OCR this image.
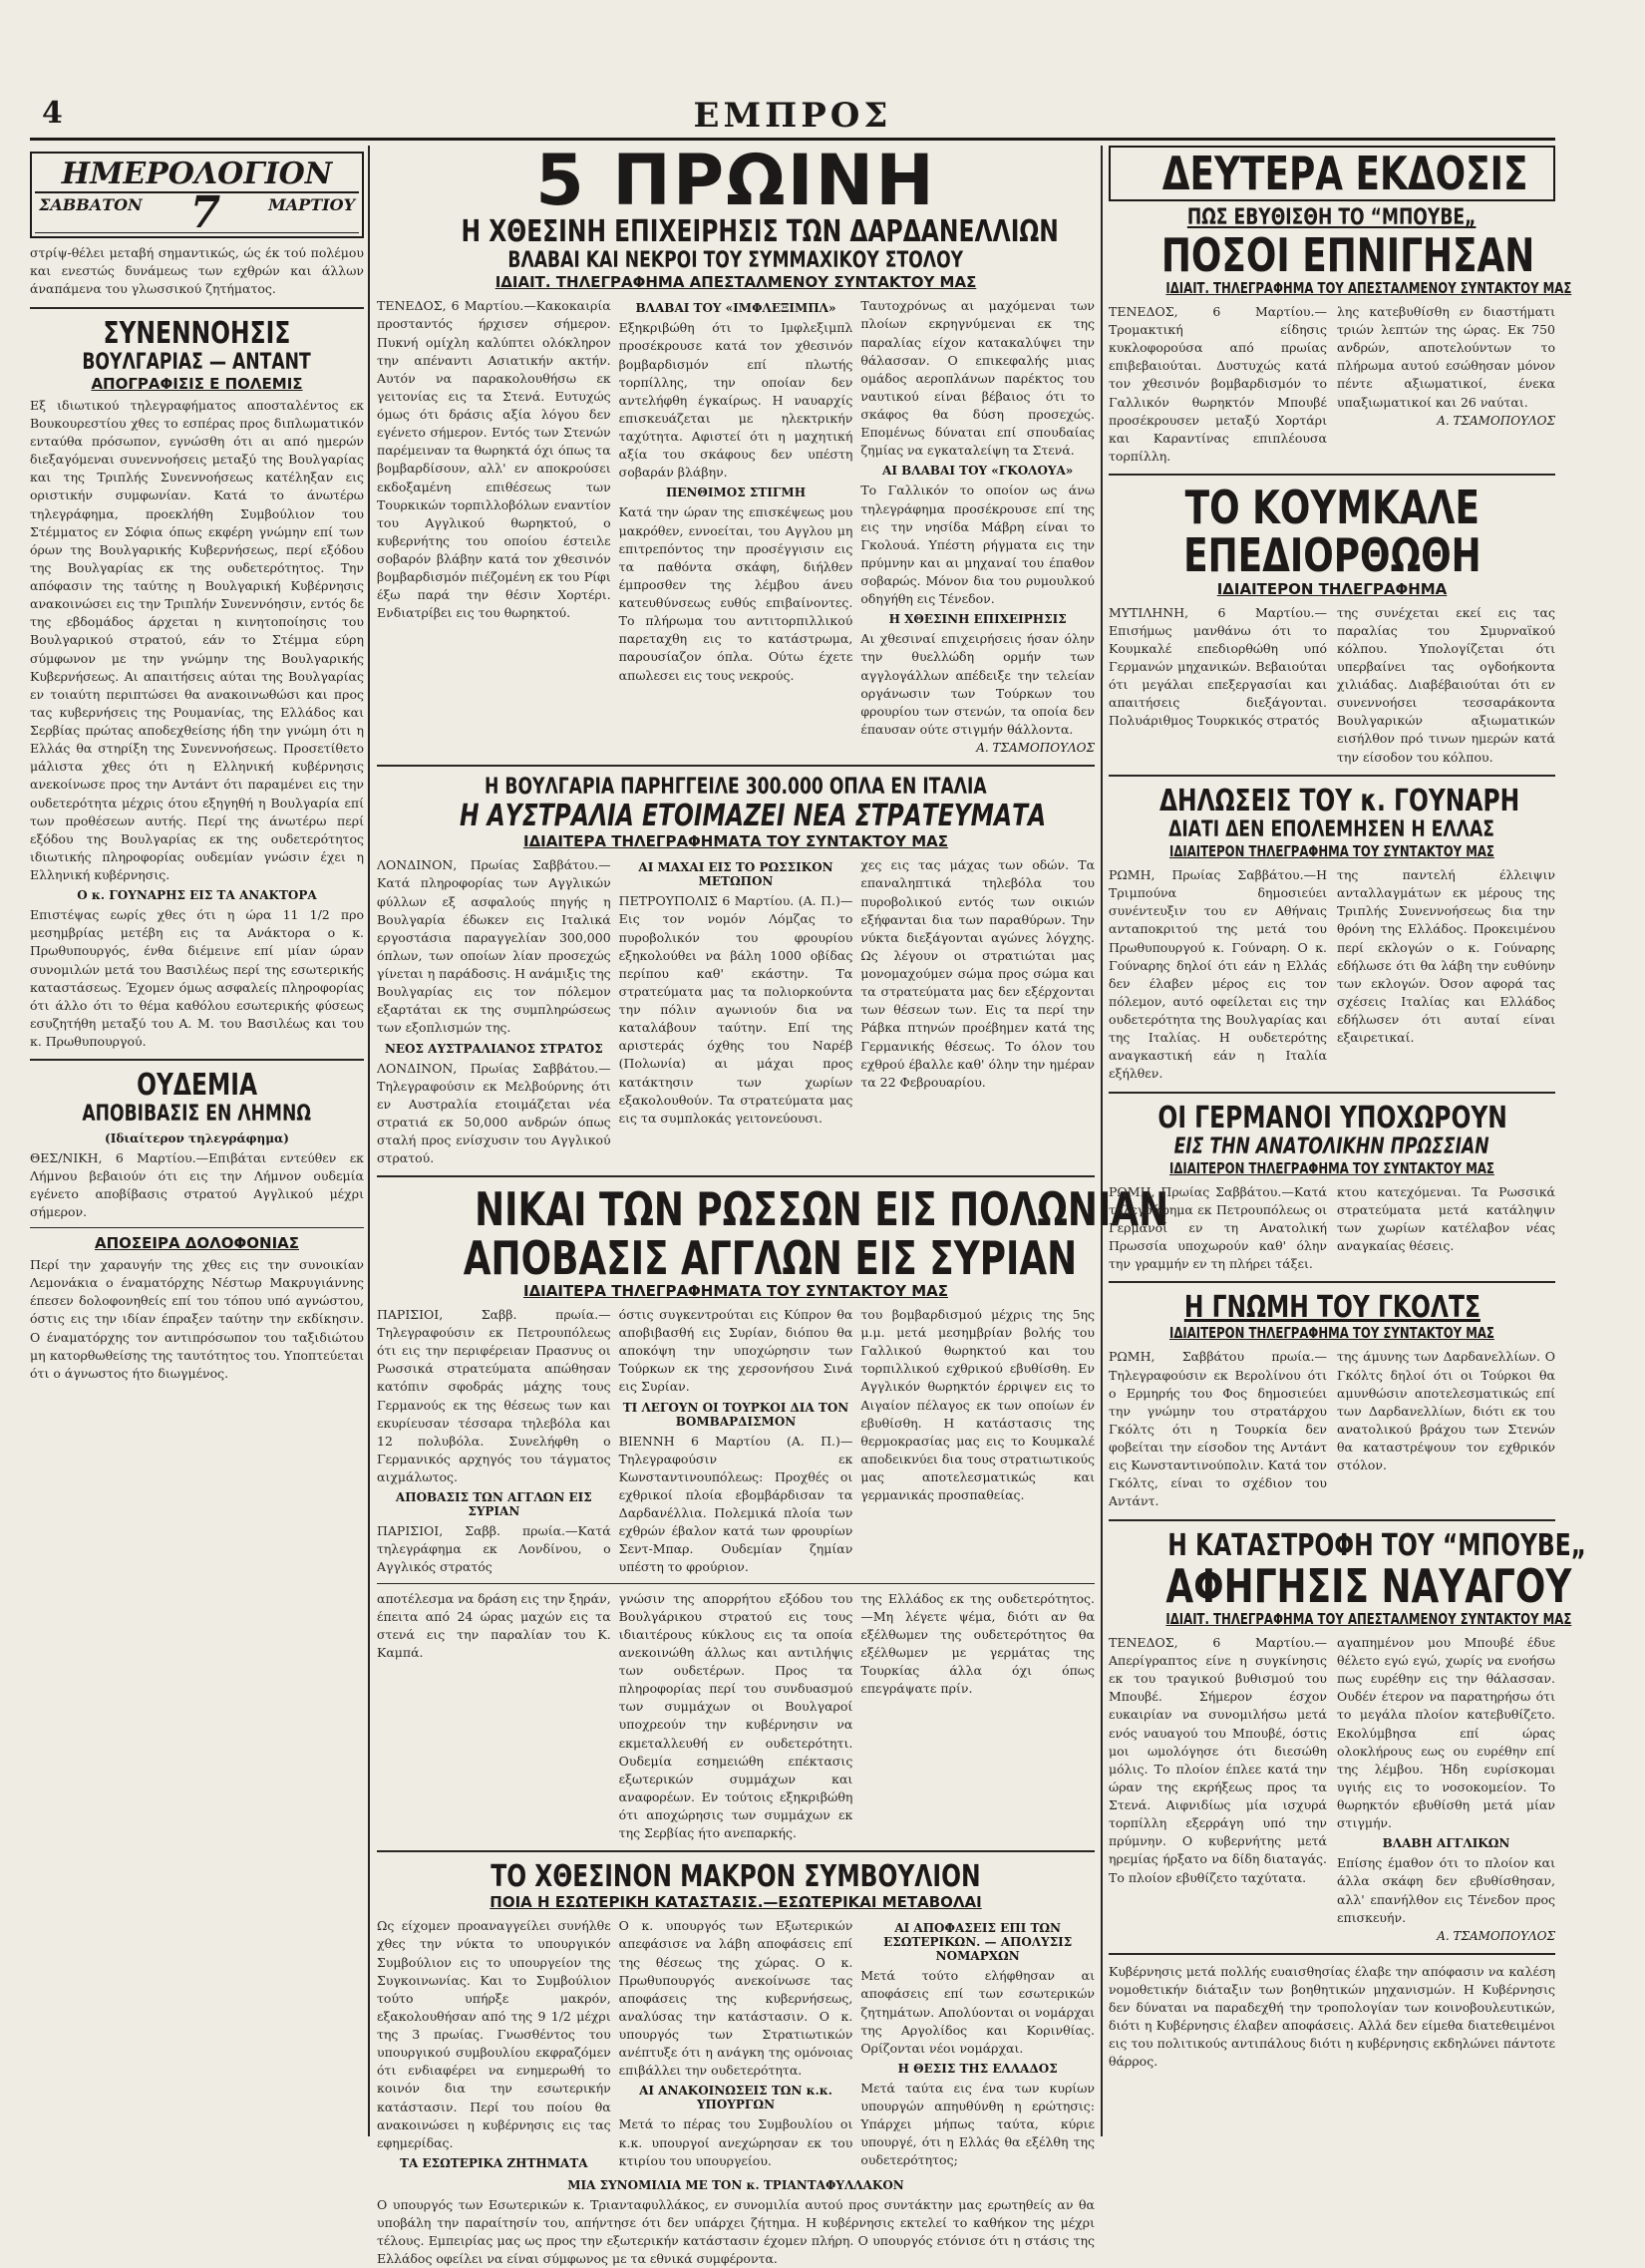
4	ΕΜΠΡΟΣ
ΗΜΕΡΟΛΟΓΙΟΝ
ΣΑΒΒΑΤΟΝ 7	ΜΑΡΤΙΟΥ
στρίψ-θέλει μεταβή σημαντικώς, ώς έκ τού πολέμου και ενεστώς δυνάμεως των εχθρών και άλλων άναπάμενα του γλωσσικού ζητήματος.
ΣΥΝΕΝΝΟΗΣΙΣ
ΒΟΥΛΓΑΡΙΑΣ — ΑΝΤΑΝΤ
ΑΠΟΓΡΑΦΙΣΙΣ Ε ΠΟΛΕΜΙΣ
Εξ ιδιωτικού τηλεγραφήματος αποσταλέντος εκ Βουκουρεστίου χθες το εσπέρας προς διπλωματικόν ενταύθα πρόσωπον, εγνώσθη ότι αι από ημερών διεξαγόμεναι συνεννοήσεις μεταξύ της Βουλγαρίας και της Τριπλής Συνεννοήσεως κατέληξαν εις οριστικήν συμφωνίαν. Κατά το άνωτέρω τηλεγράφημα, προεκλήθη Συμβούλιον του Στέμματος εν Σόφια όπως εκφέρη γνώμην επί των όρων της Βουλγαρικής Κυβερνήσεως, περί εξόδου της Βουλγαρίας εκ της ουδετερότητος. Την απόφασιν της ταύτης η Βουλγαρική Κυβέρνησις ανακοινώσει εις την Τριπλήν Συνεννόησιν, εντός δε της εβδομάδος άρχεται η κινητοποίησις του Βουλγαρικού στρατού, εάν το Στέμμα εύρη σύμφωνον με την γνώμην της Βουλγαρικής Κυβερνήσεως. Αι απαιτήσεις αύται της Βουλγαρίας εν τοιαύτη περιπτώσει θα ανακοινωθώσι και προς τας κυβερνήσεις της Ρουμανίας, της Ελλάδος και Σερβίας πρώτας αποδεχθείσης ήδη την γνώμη ότι η Ελλάς θα στηρίξη της Συνεννοήσεως. Προσετίθετο μάλιστα χθες ότι η Ελληνική κυβέρνησις ανεκοίνωσε προς την Αντάντ ότι παραμένει εις την ουδετερότητα μέχρις ότου εξηγηθή η Βουλγαρία επί των προθέσεων αυτής. Περί της άνωτέρω περί εξόδου της Βουλγαρίας εκ της ουδετερότητος ιδιωτικής πληροφορίας ουδεμίαν γνώσιν έχει η Ελληνική κυβέρνησις.
Ο κ. ΓΟΥΝΑΡΗΣ ΕΙΣ ΤΑ ΑΝΑΚΤΟΡΑ
Επιστέψας εωρίς χθες ότι η ώρα 11 1/2 προ μεσημβρίας μετέβη εις τα Ανάκτορα ο κ. Πρωθυπουργός, ένθα διέμεινε επί μίαν ώραν συνομιλών μετά του Βασιλέως περί της εσωτερικής καταστάσεως. Έχομεν όμως ασφαλείς πληροφορίας ότι άλλο ότι το θέμα καθόλου εσωτερικής φύσεως εσυζητήθη μεταξύ του Α. Μ. του Βασιλέως και του κ. Πρωθυπουργού.
ΟΥΔΕΜΙΑ
ΑΠΟΒΙΒΑΣΙΣ ΕΝ ΛΗΜΝΩ
(Ιδιαίτερον τηλεγράφημα)
ΘΕΣ/ΝΙΚΗ, 6 Μαρτίου.—Επιβάται εντεύθεν εκ Λήμνου βεβαιούν ότι εις την Λήμνον ουδεμία εγένετο αποβίβασις στρατού Αγγλικού μέχρι σήμερον.
ΑΠΟΣΕΙΡΑ ΔΟΛΟΦΟΝΙΑΣ
Περί την χαραυγήν της χθες εις την συνοικίαν Λεμονάκια ο έναματόρχης Νέστωρ Μακρυγιάννης έπεσεν δολοφονηθείς επί του τόπου υπό αγνώστου, όστις εις την ιδίαν έπραξεν ταύτην την εκδίκησιν. Ο έναματόρχης τον αντιπρόσωπον του ταξιδιώτου μη κατορθωθείσης της ταυτότητος του. Υποπτεύεται ότι ο άγνωστος ήτο διωγμένος.
5 ΠΡΩΙΝΗ
Η ΧΘΕΣΙΝΗ ΕΠΙΧΕΙΡΗΣΙΣ ΤΩΝ ΔΑΡΔΑΝΕΛΛΙΩΝ
ΒΛΑΒΑΙ ΚΑΙ ΝΕΚΡΟΙ ΤΟΥ ΣΥΜΜΑΧΙΚΟΥ ΣΤΟΛΟΥ
ΙΔΙΑΙΤ. ΤΗΛΕΓΡΑΦΗΜΑ ΑΠΕΣΤΑΛΜΕΝΟΥ ΣΥΝΤΑΚΤΟΥ ΜΑΣ
ΤΕΝΕΔΟΣ, 6 Μαρτίου.—Κακοκαιρία προσταντός ήρχισεν σήμερον. Πυκνή ομίχλη καλύπτει ολόκληρον την απέναντι Ασιατικήν ακτήν. Αυτόν να παρακολουθήσω εκ γειτονίας εις τα Στενά. Ευτυχώς όμως ότι δράσις αξία λόγου δεν εγένετο σήμερον. Εντός των Στενών παρέμειναν τα θωρηκτά όχι όπως τα βομβαρδίσουν, αλλ' εν αποκρούσει εκδοξαμένη επιθέσεως των Τουρκικών τορπιλλοβόλων εναντίον του Αγγλικού θωρηκτού, ο κυβερνήτης του οποίου έστειλε σοβαρόν βλάβην κατά τον χθεσινόν βομβαρδισμόν πιέζομένη εκ του Ρίφι έξω παρά την θέσιν Χορτέρι. Ενδιατρίβει εις του θωρηκτού.
ΒΛΑΒΑΙ ΤΟΥ «ΙΜΦΛΕΞΙΜΠΛ»
Εξηκριβώθη ότι το Ιμφλεξιμπλ προσέκρουσε κατά τον χθεσινόν βομβαρδισμόν επί πλωτής τορπίλλης, την οποίαν δεν αντελήφθη έγκαίρως. Η ναυαρχίς επισκευάζεται με ηλεκτρικήν ταχύτητα. Αφιστεί ότι η μαχητική αξία του σκάφους δεν υπέστη σοβαράν βλάβην.
ΠΕΝΘΙΜΟΣ ΣΤΙΓΜΗ
Κατά την ώραν της επισκέψεως μου μακρόθεν, εννοείται, του Αγγλου μη επιτρεπόντος την προσέγγισιν εις τα παθόντα σκάφη, διήλθεν έμπροσθεν της λέμβου άνευ κατευθύνσεως ευθύς επιβαίνοντες. Το πλήρωμα του αντιτορπιλλικού παρεταχθη εις το κατάστρωμα, παρουσίαζον όπλα. Ούτω έχετε απωλεσει εις τους νεκρούς.
Ταυτοχρόνως αι μαχόμεναι των πλοίων εκρηγνύμεναι εκ της παραλίας είχον κατακαλύψει την θάλασσαν. Ο επικεφαλής μιας ομάδος αεροπλάνων παρέκτος του ναυτικού είναι βέβαιος ότι το σκάφος θα δύση προσεχώς. Επομένως δύναται επί σπουδαίας ζημίας να εγκαταλείψη τα Στενά.
ΑΙ ΒΛΑΒΑΙ ΤΟΥ «ΓΚΟΛΟΥΑ»
Το Γαλλικόν το οποίον ως άνω τηλεγράφημα προσέκρουσε επί της εις την νησίδα Μάβρη είναι το Γκολουά. Υπέστη ρήγματα εις την πρύμνην και αι μηχαναί του έπαθον σοβαρώς. Μόνον δια του ρυμουλκού οδηγήθη εις Τένεδον.
Η ΧΘΕΣΙΝΗ ΕΠΙΧΕΙΡΗΣΙΣ
Αι χθεσιναί επιχειρήσεις ήσαν όλην την θυελλώδη ορμήν των αγγλογάλλων απέδειξε την τελείαν οργάνωσιν των Τούρκων του φρουρίου των στενών, τα οποία δεν έπαυσαν ούτε στιγμήν θάλλοντα.
Α. ΤΣΑΜΟΠΟΥΛΟΣ
Η ΒΟΥΛΓΑΡΙΑ ΠΑΡΗΓΓΕΙΛΕ 300.000 ΟΠΛΑ ΕΝ ΙΤΑΛΙΑ
Η ΑΥΣΤΡΑΛΙΑ ΕΤΟΙΜΑΖΕΙ ΝΕΑ ΣΤΡΑΤΕΥΜΑΤΑ
ΙΔΙΑΙΤΕΡΑ ΤΗΛΕΓΡΑΦΗΜΑΤΑ ΤΟΥ ΣΥΝΤΑΚΤΟΥ ΜΑΣ
ΛΟΝΔΙΝΟΝ, Πρωίας Σαββάτου.—Κατά πληροφορίας των Αγγλικών φύλλων εξ ασφαλούς πηγής η Βουλγαρία έδωκεν εις Ιταλικά εργοστάσια παραγγελίαν 300,000 όπλων, των οποίων λίαν προσεχώς γίνεται η παράδοσις. Η ανάμιξις της Βουλγαρίας εις τον πόλεμον εξαρτάται εκ της συμπληρώσεως των εξοπλισμών της.
ΝΕΟΣ ΑΥΣΤΡΑΛΙΑΝΟΣ ΣΤΡΑΤΟΣ
ΛΟΝΔΙΝΟΝ, Πρωίας Σαββάτου.—Τηλεγραφούσιν εκ Μελβούρνης ότι εν Αυστραλία ετοιμάζεται νέα στρατιά εκ 50,000 ανδρών όπως σταλή προς ενίσχυσιν του Αγγλικού στρατού.
ΑΙ ΜΑΧΑΙ ΕΙΣ ΤΟ ΡΩΣΣΙΚΟΝ ΜΕΤΩΠΟΝ
ΠΕΤΡΟΥΠΟΛΙΣ 6 Μαρτίου. (Α. Π.)—Εις τον νομόν Λόμζας το πυροβολικόν του φρουρίου εξηκολούθει να βάλη 1000 οβίδας περίπου καθ' εκάστην. Τα στρατεύματα μας τα πολιορκούντα την πόλιν αγωνιούν δια να καταλάβουν ταύτην. Επί της αριστεράς όχθης του Ναρέβ (Πολωνία) αι μάχαι προς κατάκτησιν των χωρίων εξακολουθούν. Τα στρατεύματα μας εις τα συμπλοκάς γειτονεύουσι.
χες εις τας μάχας των οδών. Τα επαναληπτικά τηλεβόλα του πυροβολικού εντός των οικιών εξήφανται δια των παραθύρων. Την νύκτα διεξάγονται αγώνες λόγχης. Ως λέγουν οι στρατιώται μας μονομαχούμεν σώμα προς σώμα και τα στρατεύματα μας δεν εξέρχονται των θέσεων των. Εις τα περί την Ράβκα πτηνών προέβημεν κατά της Γερμανικής θέσεως. Το όλον του εχθρού έβαλλε καθ' όλην την ημέραν τα 22 Φεβρουαρίου.
ΝΙΚΑΙ ΤΩΝ ΡΩΣΣΩΝ ΕΙΣ ΠΟΛΩΝΙΑΝ
ΑΠΟΒΑΣΙΣ ΑΓΓΛΩΝ ΕΙΣ ΣΥΡΙΑΝ
ΙΔΙΑΙΤΕΡΑ ΤΗΛΕΓΡΑΦΗΜΑΤΑ ΤΟΥ ΣΥΝΤΑΚΤΟΥ ΜΑΣ
ΠΑΡΙΣΙΟΙ, Σαββ. πρωία.—Τηλεγραφούσιν εκ Πετρουπόλεως ότι εις την περιφέρειαν Πρασνυς οι Ρωσσικά στρατεύματα απώθησαν κατόπιν σφοδράς μάχης τους Γερμανούς εκ της θέσεως των και εκυρίευσαν τέσσαρα τηλεβόλα και 12 πολυβόλα. Συνελήφθη ο Γερμανικός αρχηγός του τάγματος αιχμάλωτος.
ΑΠΟΒΑΣΙΣ ΤΩΝ ΑΓΓΛΩΝ ΕΙΣ ΣΥΡΙΑΝ
ΠΑΡΙΣΙΟΙ, Σαββ. πρωία.—Κατά τηλεγράφημα εκ Λονδίνου, ο Αγγλικός στρατός
όστις συγκεντρούται εις Κύπρον θα αποβιβασθή εις Συρίαν, διόπου θα αποκόψη την υποχώρησιν των Τούρκων εκ της χερσονήσου Σινά εις Συρίαν.
ΤΙ ΛΕΓΟΥΝ ΟΙ ΤΟΥΡΚΟΙ ΔΙΑ ΤΟΝ ΒΟΜΒΑΡΔΙΣΜΟΝ
ΒΙΕΝΝΗ 6 Μαρτίου (Α. Π.)—Τηλεγραφούσιν εκ Κωνσταντινουπόλεως: Προχθές οι εχθρικοί πλοία εβομβάρδισαν τα Δαρδανέλλια. Πολεμικά πλοία των εχθρών έβαλον κατά των φρουρίων Σεντ-Μπαρ. Ουδεμίαν ζημίαν υπέστη το φρούριον.
του βομβαρδισμού μέχρις της 5ης μ.μ. μετά μεσημβρίαν βολής του Γαλλικού θωρηκτού και του τορπιλλικού εχθρικού εβυθίσθη. Εν Αγγλικόν θωρηκτόν έρριψεν εις το Αιγαίον πέλαγος εκ των οποίων έν εβυθίσθη. Η κατάστασις της θερμοκρασίας μας εις το Κουμκαλέ αποδεικνύει δια τους στρατιωτικούς μας αποτελεσματικώς και γερμανικάς προσπαθείας.
αποτέλεσμα να δράση εις την ξηράν, έπειτα από 24 ώρας μαχών εις τα στενά εις την παραλίαν του Κ. Καμπά.
γνώσιν της απορρήτου εξόδου του Βουλγάρικου στρατού εις τους ιδιαιτέρους κύκλους εις τα οποία ανεκοινώθη άλλως και αντιλήψις των ουδετέρων. Προς τα πληροφορίας περί του συνδυασμού των συμμάχων οι Βουλγαροί υποχρεούν την κυβέρνησιν να εκμεταλλευθή εν ουδετερότητι. Ουδεμία εσημειώθη επέκτασις εξωτερικών συμμάχων και αναφορέων. Εν τούτοις εξηκριβώθη ότι αποχώρησις των συμμάχων εκ της Σερβίας ήτο ανεπαρκής.
της Ελλάδος εκ της ουδετερότητος.—Μη λέγετε ψέμα, διότι αν θα εξέλθωμεν της ουδετερότητος θα εξέλθωμεν με γερμάτας της Τουρκίας άλλα όχι όπως επεγράψατε πρίν.
ΤΟ ΧΘΕΣΙΝΟΝ ΜΑΚΡΟΝ ΣΥΜΒΟΥΛΙΟΝ
ΠΟΙΑ Η ΕΣΩΤΕΡΙΚΗ ΚΑΤΑΣΤΑΣΙΣ.—ΕΣΩΤΕΡΙΚΑΙ ΜΕΤΑΒΟΛΑΙ
Ως είχομεν προαναγγείλει συνήλθε χθες την νύκτα το υπουργικόν Συμβούλιον εις το υπουργείον της Συγκοινωνίας. Και το Συμβούλιον τούτο υπήρξε μακρόν, εξακολουθήσαν από της 9 1/2 μέχρι της 3 πρωίας. Γνωσθέντος του υπουργικού συμβουλίου εκφραζόμεν ότι ενδιαφέρει να ενημερωθή το κοινόν δια την εσωτερικήν κατάστασιν. Περί του ποίου θα ανακοινώσει η κυβέρνησις εις τας εφημερίδας.
ΤΑ ΕΣΩΤΕΡΙΚΑ ΖΗΤΗΜΑΤΑ
Ο κ. υπουργός των Εξωτερικών απεφάσισε να λάβη αποφάσεις επί της θέσεως της χώρας. Ο κ. Πρωθυπουργός ανεκοίνωσε τας αποφάσεις της κυβερνήσεως, αναλύσας την κατάστασιν. Ο κ. υπουργός των Στρατιωτικών ανέπτυξε ότι η ανάγκη της ομόνοιας επιβάλλει την ουδετερότητα.
ΑΙ ΑΝΑΚΟΙΝΩΣΕΙΣ ΤΩΝ κ.κ. ΥΠΟΥΡΓΩΝ
Μετά το πέρας του Συμβουλίου οι κ.κ. υπουργοί ανεχώρησαν εκ του κτιρίου του υπουργείου.
ΑΙ ΑΠΟΦΑΣΕΙΣ ΕΠΙ ΤΩΝ ΕΣΩΤΕΡΙΚΩΝ. — ΑΠΟΛΥΣΙΣ ΝΟΜΑΡΧΩΝ
Μετά τούτο ελήφθησαν αι αποφάσεις επί των εσωτερικών ζητημάτων. Απολύονται οι νομάρχαι της Αργολίδος και Κορινθίας. Ορίζονται νέοι νομάρχαι.
Η ΘΕΣΙΣ ΤΗΣ ΕΛΛΑΔΟΣ
Μετά ταύτα εις ένα των κυρίων υπουργών απηυθύνθη η ερώτησις: Υπάρχει μήπως ταύτα, κύριε υπουργέ, ότι η Ελλάς θα εξέλθη της ουδετερότητος;
ΜΙΑ ΣΥΝΟΜΙΛΙΑ ΜΕ ΤΟΝ κ. ΤΡΙΑΝΤΑΦΥΛΛΑΚΟΝ
Ο υπουργός των Εσωτερικών κ. Τριανταφυλλάκος, εν συνομιλία αυτού προς συντάκτην μας ερωτηθείς αν θα υποβάλη την παραίτησίν του, απήντησε ότι δεν υπάρχει ζήτημα. Η κυβέρνησις εκτελεί το καθήκον της μέχρι τέλους. Εμπειρίας μας ως προς την εξωτερικήν κατάστασιν έχομεν πλήρη. Ο υπουργός ετόνισε ότι η στάσις της Ελλάδος οφείλει να είναι σύμφωνος με τα εθνικά συμφέροντα.
ΔΕΥΤΕΡΑ ΕΚΔΟΣΙΣ
ΠΩΣ ΕΒΥΘΙΣΘΗ ΤΟ “ΜΠΟΥΒΕ„
ΠΟΣΟΙ ΕΠΝΙΓΗΣΑΝ
ΙΔΙΑΙΤ. ΤΗΛΕΓΡΑΦΗΜΑ ΤΟΥ ΑΠΕΣΤΑΛΜΕΝΟΥ ΣΥΝΤΑΚΤΟΥ ΜΑΣ
ΤΕΝΕΔΟΣ, 6 Μαρτίου.—Τρομακτική είδησις κυκλοφορούσα από πρωίας επιβεβαιούται. Δυστυχώς κατά τον χθεσινόν βομβαρδισμόν το Γαλλικόν θωρηκτόν Μπουβέ προσέκρουσεν μεταξύ Χορτάρι και Καραντίνας επιπλέουσα τορπίλλη.
λης κατεβυθίσθη εν διαστήματι τριών λεπτών της ώρας. Εκ 750 ανδρών, αποτελούντων το πλήρωμα αυτού εσώθησαν μόνον πέντε αξιωματικοί, ένεκα υπαξιωματικοί και 26 ναύται.
Α. ΤΣΑΜΟΠΟΥΛΟΣ
ΤΟ ΚΟΥΜΚΑΛΕ
ΕΠΕΔΙΟΡΘΩΘΗ
ΙΔΙΑΙΤΕΡΟΝ ΤΗΛΕΓΡΑΦΗΜΑ
ΜΥΤΙΛΗΝΗ, 6 Μαρτίου.—Επισήμως μανθάνω ότι το Κουμκαλέ επεδιορθώθη υπό Γερμανών μηχανικών. Βεβαιούται ότι μεγάλαι επεξεργασίαι και απαιτήσεις διεξάγονται. Πολυάριθμος Τουρκικός στρατός
της συνέχεται εκεί εις τας παραλίας του Σμυρναϊκού κόλπου. Υπολογίζεται ότι υπερβαίνει τας ογδοήκοντα χιλιάδας. Διαβέβαιούται ότι εν συνεννοήσει τεσσαράκοντα Βουλγαρικών αξιωματικών εισήλθον πρό τινων ημερών κατά την είσοδον του κόλπου.
ΔΗΛΩΣΕΙΣ ΤΟΥ κ. ΓΟΥΝΑΡΗ
ΔΙΑΤΙ ΔΕΝ ΕΠΟΛΕΜΗΣΕΝ Η ΕΛΛΑΣ
ΙΔΙΑΙΤΕΡΟΝ ΤΗΛΕΓΡΑΦΗΜΑ ΤΟΥ ΣΥΝΤΑΚΤΟΥ ΜΑΣ
ΡΩΜΗ, Πρωίας Σαββάτου.—Η Τριμπούνα δημοσιεύει συνέντευξιν του εν Αθήναις ανταποκριτού της μετά του Πρωθυπουργού κ. Γούναρη. Ο κ. Γούναρης δηλοί ότι εάν η Ελλάς δεν έλαβεν μέρος εις τον πόλεμον, αυτό οφείλεται εις την ουδετερότητα της Βουλγαρίας και της Ιταλίας. Η ουδετερότης αναγκαστική εάν η Ιταλία εξήλθεν.
της παντελή έλλειψιν ανταλλαγμάτων εκ μέρους της Τριπλής Συνεννοήσεως δια την θρόνη της Ελλάδος. Προκειμένου περί εκλογών ο κ. Γούναρης εδήλωσε ότι θα λάβη την ευθύνην των εκλογών. Όσον αφορά τας σχέσεις Ιταλίας και Ελλάδος εδήλωσεν ότι αυταί είναι εξαιρετικαί.
ΟΙ ΓΕΡΜΑΝΟΙ ΥΠΟΧΩΡΟΥΝ
ΕΙΣ ΤΗΝ ΑΝΑΤΟΛΙΚΗΝ ΠΡΩΣΣΙΑΝ
ΙΔΙΑΙΤΕΡΟΝ ΤΗΛΕΓΡΑΦΗΜΑ ΤΟΥ ΣΥΝΤΑΚΤΟΥ ΜΑΣ
ΡΩΜΗ, Πρωίας Σαββάτου.—Κατά τηλεγράφημα εκ Πετρουπόλεως οι Γερμανοί εν τη Ανατολική Πρωσσία υποχωρούν καθ' όλην την γραμμήν εν τη πλήρει τάξει.
κτου κατεχόμεναι. Τα Ρωσσικά στρατεύματα μετά κατάληψιν των χωρίων κατέλαβον νέας αναγκαίας θέσεις.
Η ΓΝΩΜΗ ΤΟΥ ΓΚΟΛΤΣ
ΙΔΙΑΙΤΕΡΟΝ ΤΗΛΕΓΡΑΦΗΜΑ ΤΟΥ ΣΥΝΤΑΚΤΟΥ ΜΑΣ
ΡΩΜΗ, Σαββάτου πρωία.—Τηλεγραφούσιν εκ Βερολίνου ότι ο Ερμηρής του Φος δημοσιεύει την γνώμην του στρατάρχου Γκόλτς ότι η Τουρκία δεν φοβείται την είσοδον της Αντάντ εις Κωνσταντινούπολιν. Κατά τον Γκόλτς, είναι το σχέδιον του Αντάντ.
της άμυνης των Δαρδανελλίων. Ο Γκόλτς δηλοί ότι οι Τούρκοι θα αμυνθώσιν αποτελεσματικώς επί των Δαρδανελλίων, διότι εκ του ανατολικού βράχου των Στενών θα καταστρέψουν τον εχθρικόν στόλον.
Η ΚΑΤΑΣΤΡΟΦΗ ΤΟΥ “ΜΠΟΥΒΕ„
ΑΦΗΓΗΣΙΣ ΝΑΥΑΓΟΥ
ΙΔΙΑΙΤ. ΤΗΛΕΓΡΑΦΗΜΑ ΤΟΥ ΑΠΕΣΤΑΛΜΕΝΟΥ ΣΥΝΤΑΚΤΟΥ ΜΑΣ
ΤΕΝΕΔΟΣ, 6 Μαρτίου.—Απερίγραπτος είνε η συγκίνησις εκ του τραγικού βυθισμού του Μπουβέ. Σήμερον έσχον ευκαιρίαν να συνομιλήσω μετά ενός ναυαγού του Μπουβέ, όστις μοι ωμολόγησε ότι διεσώθη μόλις. Το πλοίον έπλεε κατά την ώραν της εκρήξεως προς τα Στενά. Αιφνιδίως μία ισχυρά τορπίλλη εξερράγη υπό την πρύμνην. Ο κυβερνήτης μετά ηρεμίας ήρξατο να δίδη διαταγάς. Το πλοίον εβυθίζετο ταχύτατα.
αγαπημένον μου Μπουβέ έδυε θέλετο εγώ εγώ, χωρίς να ενοήσω πως ευρέθην εις την θάλασσαν. Ουδέν έτερον να παρατηρήσω ότι το μεγάλα πλοίον κατεβυθίζετο. Εκολύμβησα επί ώρας ολοκλήρους εως ου ευρέθην επί της λέμβου. Ήδη ευρίσκομαι υγιής εις το νοσοκομείον. Το θωρηκτόν εβυθίσθη μετά μίαν στιγμήν.
ΒΛΑΒΗ ΑΓΓΛΙΚΩΝ
Επίσης έμαθον ότι το πλοίον και άλλα σκάφη δεν εβυθίσθησαν, αλλ' επανήλθον εις Τένεδον προς επισκευήν.
Α. ΤΣΑΜΟΠΟΥΛΟΣ
Κυβέρνησις μετά πολλής ευαισθησίας έλαβε την απόφασιν να καλέση νομοθετικήν διάταξιν των βοηθητικών μηχανισμών. Η Κυβέρνησις δεν δύναται να παραδεχθή την τροπολογίαν των κοινοβουλευτικών, διότι η Κυβέρνησις έλαβεν αποφάσεις. Αλλά δεν είμεθα διατεθειμένοι εις του πολιτικούς αντιπάλους διότι η κυβέρνησις εκδηλώνει πάντοτε θάρρος.
